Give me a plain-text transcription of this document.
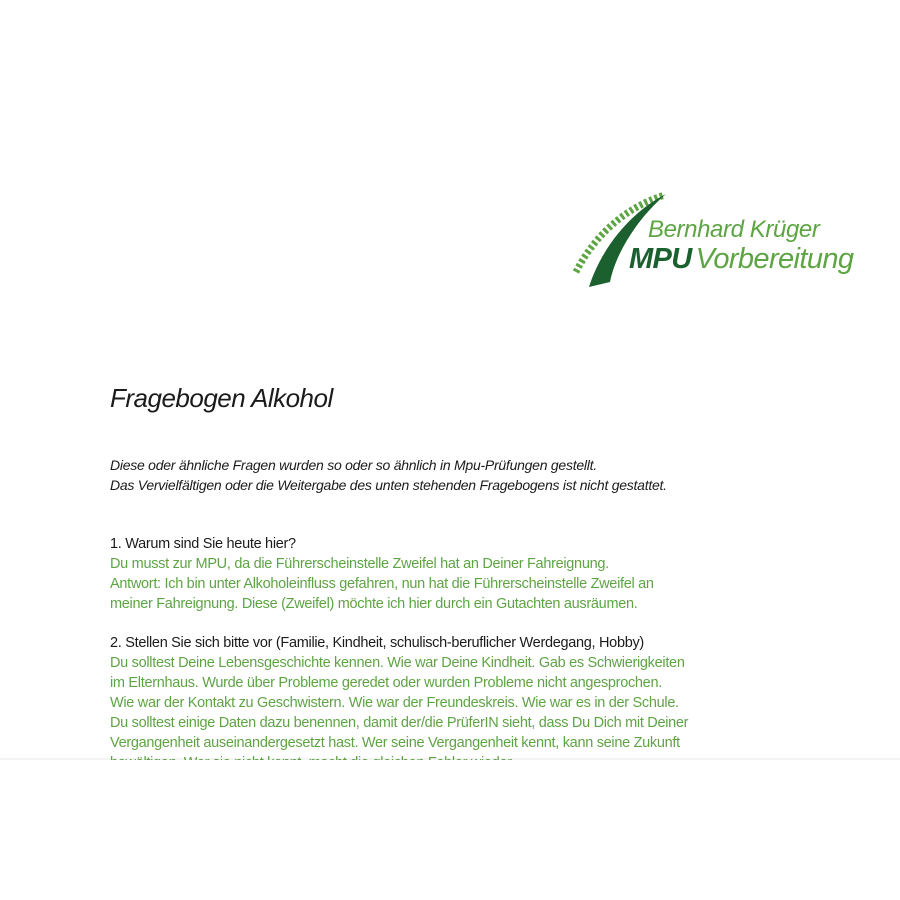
Bernhard Krüger
MPU Vorbereitung
Fragebogen Alkohol
Diese oder ähnliche Fragen wurden so oder so ähnlich in Mpu-Prüfungen gestellt.
Das Vervielfältigen oder die Weitergabe des unten stehenden Fragebogens ist nicht gestattet.
1. Warum sind Sie heute hier?
Du musst zur MPU, da die Führerscheinstelle Zweifel hat an Deiner Fahreignung.
Antwort: Ich bin unter Alkoholeinfluss gefahren, nun hat die Führerscheinstelle Zweifel an
meiner Fahreignung. Diese (Zweifel) möchte ich hier durch ein Gutachten ausräumen.
2. Stellen Sie sich bitte vor (Familie, Kindheit, schulisch-beruflicher Werdegang, Hobby)
Du solltest Deine Lebensgeschichte kennen. Wie war Deine Kindheit. Gab es Schwierigkeiten
im Elternhaus. Wurde über Probleme geredet oder wurden Probleme nicht angesprochen.
Wie war der Kontakt zu Geschwistern. Wie war der Freundeskreis. Wie war es in der Schule.
Du solltest einige Daten dazu benennen, damit der/die PrüferIN sieht, dass Du Dich mit Deiner
Vergangenheit auseinandergesetzt hast. Wer seine Vergangenheit kennt, kann seine Zukunft
